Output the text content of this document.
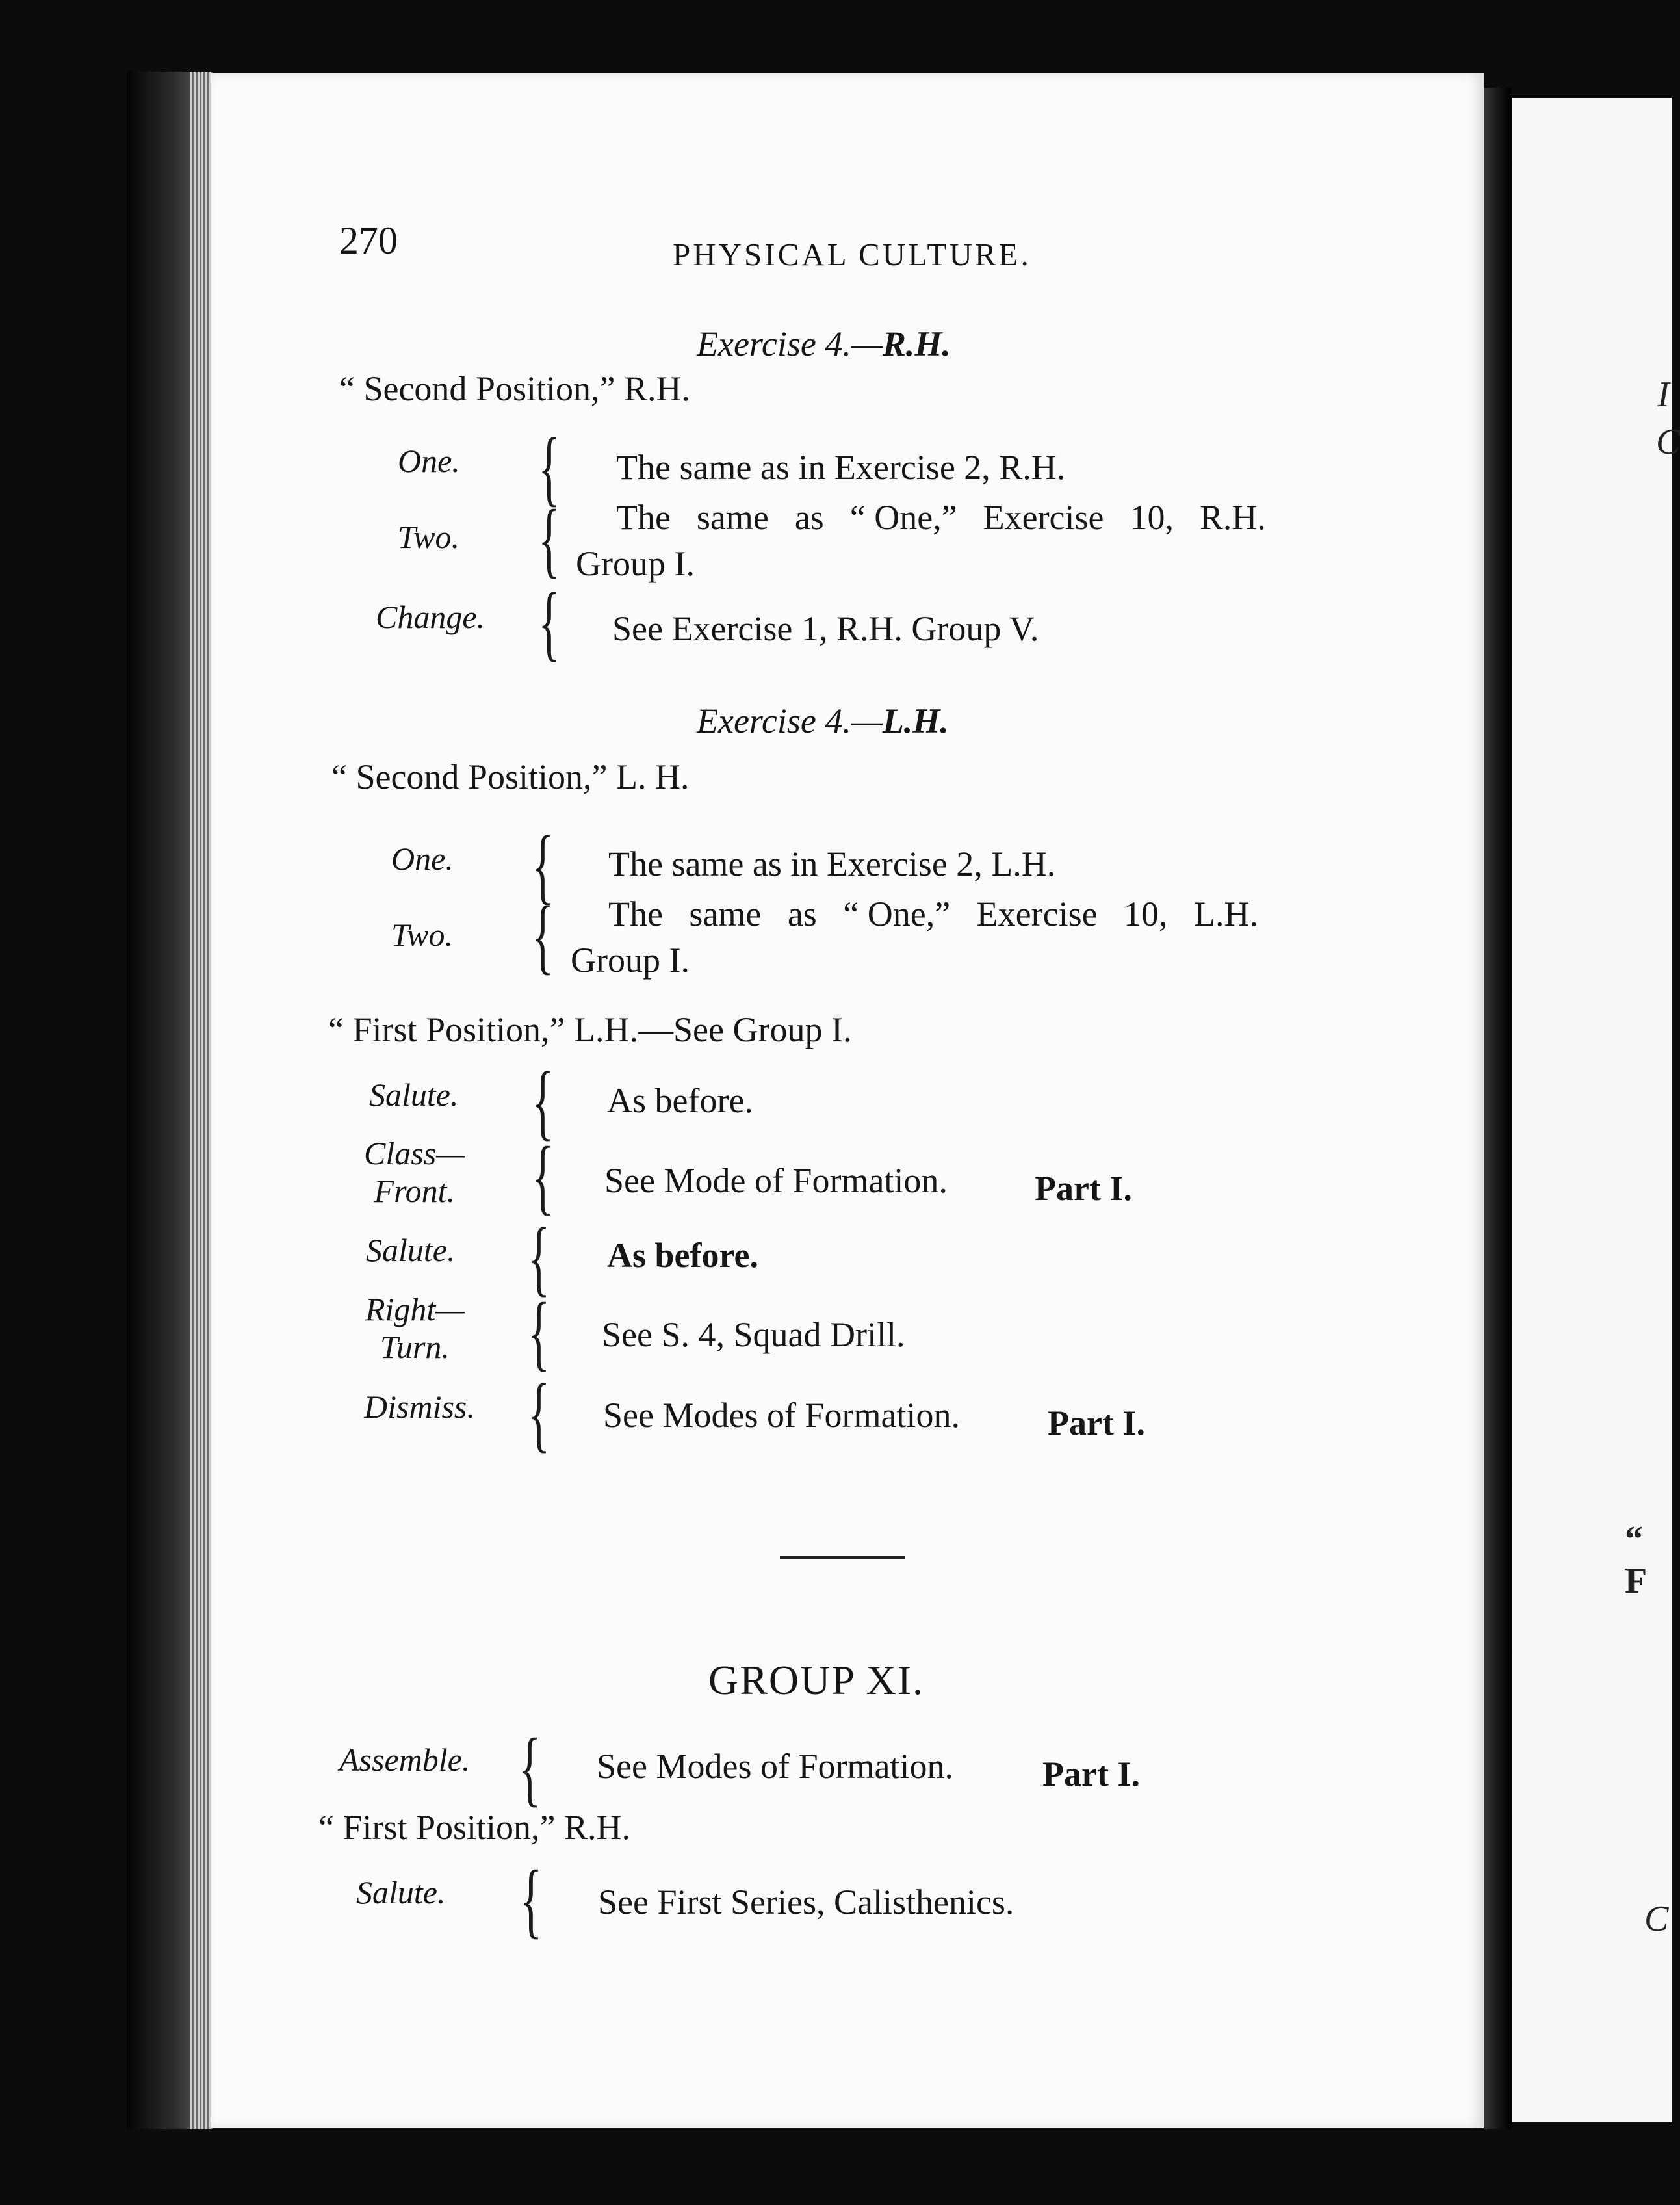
I
C
“ F
C
270	PHYSICAL CULTURE.
Exercise 4.—R.H.
“ Second Position,” R.H.
One. { The same as in Exercise 2, R.H.
Two. { The same as “ One,” Exercise 10, R.H.
Group I.
Change. { See Exercise 1, R.H. Group V.
Exercise 4.—L.H.
“ Second Position,” L. H.
One. { The same as in Exercise 2, L.H.
Two. { The same as “ One,” Exercise 10, L.H.
Group I.
“ First Position,” L.H.—See Group I.
Salute. { As before.
Class—
Front. { See Mode of Formation. Part I.
Salute. { As before.
Right—
Turn. { See S. 4, Squad Drill.
Dismiss. { See Modes of Formation.	Part I.
GROUP XI.
Assemble. { See Modes of Formation.	Part I.
“ First Position,” R.H.
Salute. { See First Series, Calisthenics.
